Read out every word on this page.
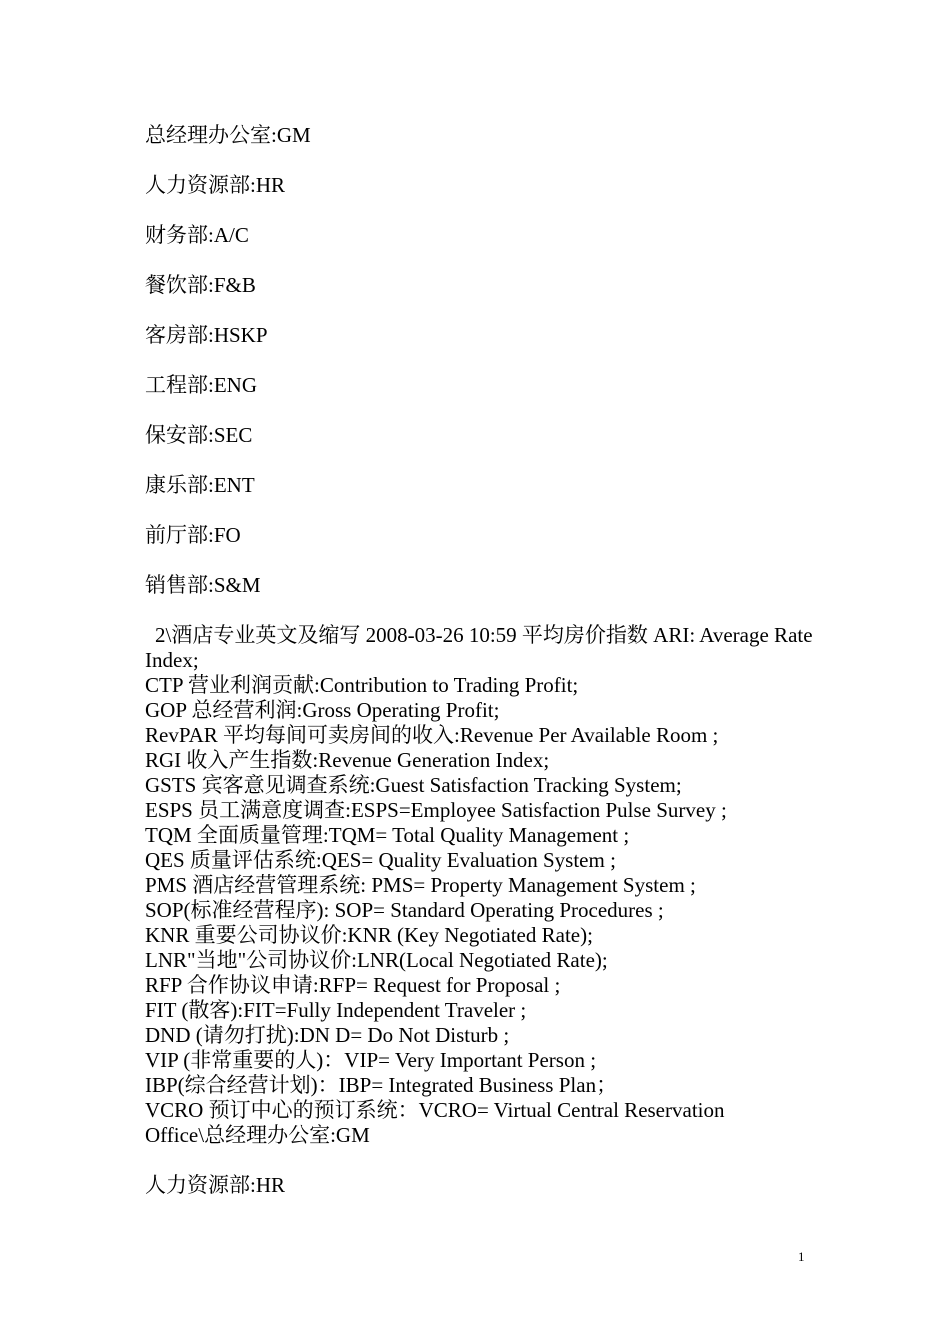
总经理办公室:GM

人力资源部:HR

财务部:A/C

餐饮部:F&B

客房部:HSKP

工程部:ENG

保安部:SEC

康乐部:ENT

前厅部:FO

销售部:S&M

2\酒店专业英文及缩写 2008-03-26 10:59 平均房价指数 ARI: Average Rate Index;
CTP 营业利润贡献:Contribution to Trading Profit;
GOP 总经营利润:Gross Operating Profit;
RevPAR 平均每间可卖房间的收入:Revenue Per Available Room ;
RGI 收入产生指数:Revenue Generation Index;
GSTS 宾客意见调查系统:Guest Satisfaction Tracking System;
ESPS 员工满意度调查:ESPS=Employee Satisfaction Pulse Survey ;
TQM 全面质量管理:TQM= Total Quality Management ;
QES 质量评估系统:QES= Quality Evaluation System ;
PMS 酒店经营管理系统: PMS= Property Management System ;
SOP(标准经营程序): SOP= Standard Operating Procedures ;
KNR 重要公司协议价:KNR (Key Negotiated Rate);
LNR"当地"公司协议价:LNR(Local Negotiated Rate);
RFP 合作协议申请:RFP= Request for Proposal ;
FIT (散客):FIT=Fully Independent Traveler ;
DND (请勿打扰):DN D= Do Not Disturb ;
VIP (非常重要的人)：VIP= Very Important Person ;
IBP(综合经营计划)：IBP= Integrated Business Plan；
VCRO 预订中心的预订系统：VCRO= Virtual Central Reservation
Office\总经理办公室:GM
人力资源部:HR
1
